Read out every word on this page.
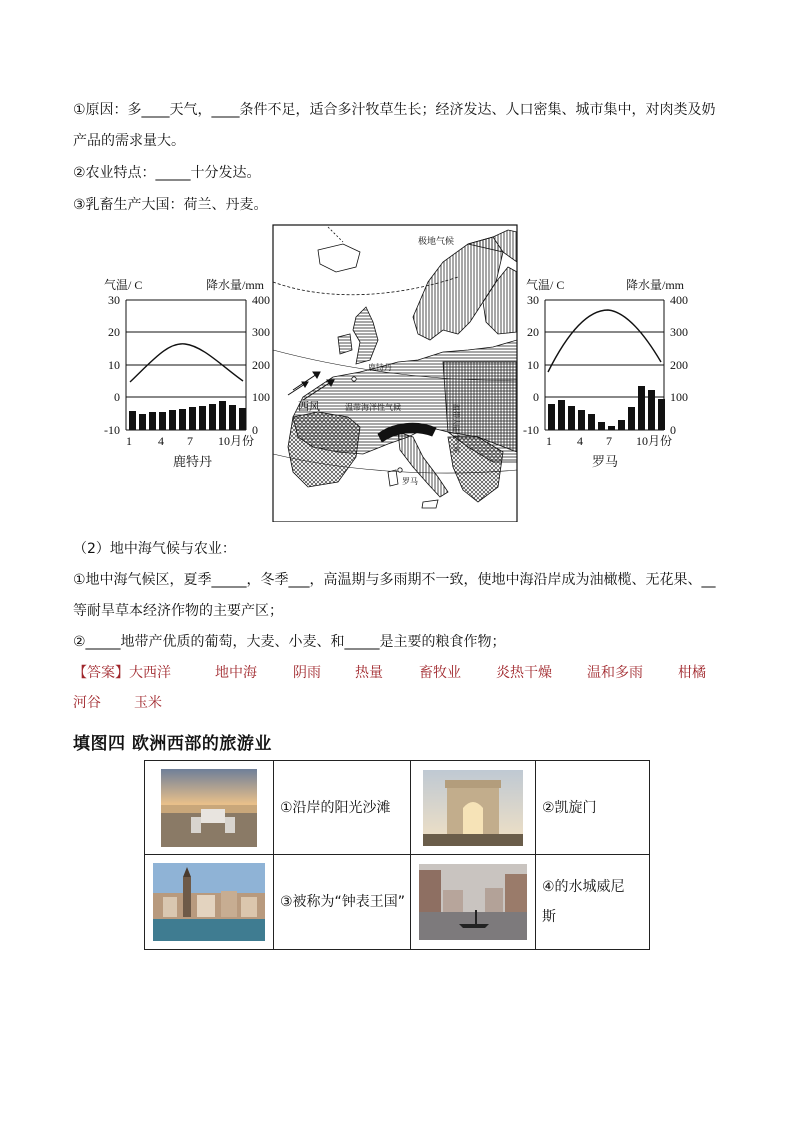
①原因：多____天气，____条件不足，适合多汁牧草生长；经济发达、人口密集、城市集中，对肉类及奶
产品的需求量大。
②农业特点：_____十分发达。
③乳畜生产大国：荷兰、丹麦。
气温/ C	降水量/mm
30
20
10
0
-10
400
300
200
100
0
1 4 7 10月份
鹿特丹
极地气候
鹿特丹
西风	温带海洋性气候	温带大陆性气候
罗马
气温/ C	降水量/mm
30
20
10
0
-10
400
300
200
100
0
1 4 7 10月份
罗马
（2）地中海气候与农业：
①地中海气候区，夏季_____，冬季___，高温期与多雨期不一致，使地中海沿岸成为油橄榄、无花果、__
等耐旱草本经济作物的主要产区；
②_____地带产优质的葡萄，大麦、小麦、和_____是主要的粮食作物；
【答案】大西洋	地中海	阴雨 热量	畜牧业	炎热干燥	温和多雨	柑橘
河谷 玉米
填图四 欧洲西部的旅游业
	①沿岸的阳光沙滩		②凯旋门

	③被称为“钟表王国”		④的水城威尼
斯
